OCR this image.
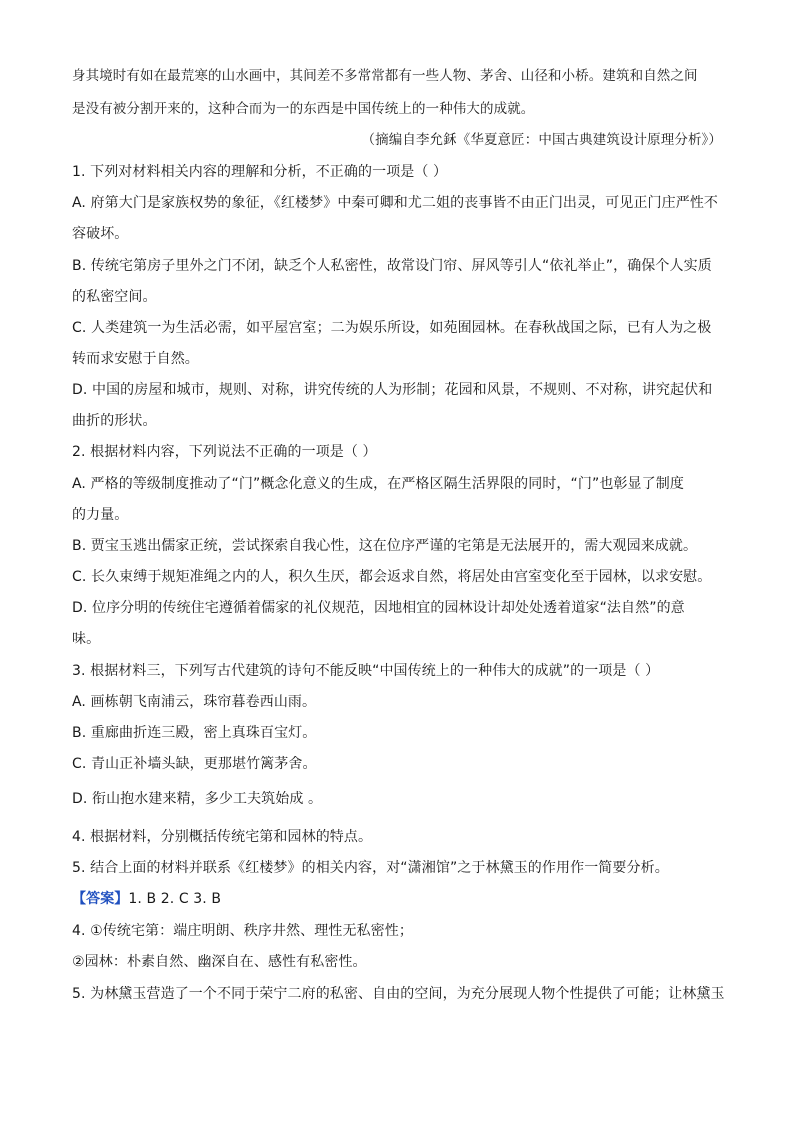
身其境时有如在最荒寒的山水画中，其间差不多常常都有一些人物、茅舍、山径和小桥。建筑和自然之间
是没有被分割开来的，这种合而为一的东西是中国传统上的一种伟大的成就。
（摘编自李允鉌《华夏意匠：中国古典建筑设计原理分析》）
1. 下列对材料相关内容的理解和分析，不正确的一项是（ ）
A. 府第大门是家族权势的象征，《红楼梦》中秦可卿和尤二姐的丧事皆不由正门出灵，可见正门庄严性不
容破坏。
B. 传统宅第房子里外之门不闭，缺乏个人私密性，故常设门帘、屏风等引人“依礼举止”，确保个人实质
的私密空间。
C. 人类建筑一为生活必需，如平屋宫室；二为娱乐所设，如苑囿园林。在春秋战国之际，已有人为之极
转而求安慰于自然。
D. 中国的房屋和城市，规则、对称，讲究传统的人为形制；花园和风景，不规则、不对称，讲究起伏和
曲折的形状。
2. 根据材料内容，下列说法不正确的一项是（ ）
A. 严格的等级制度推动了“门”概念化意义的生成，在严格区隔生活界限的同时，“门”也彰显了制度
的力量。
B. 贾宝玉逃出儒家正统，尝试探索自我心性，这在位序严谨的宅第是无法展开的，需大观园来成就。
C. 长久束缚于规矩准绳之内的人，积久生厌，都会返求自然，将居处由宫室变化至于园林，以求安慰。
D. 位序分明的传统住宅遵循着儒家的礼仪规范，因地相宜的园林设计却处处透着道家“法自然”的意
味。
3. 根据材料三，下列写古代建筑的诗句不能反映“中国传统上的一种伟大的成就”的一项是（ ）
A. 画栋朝飞南浦云，珠帘暮卷西山雨。
B. 重廊曲折连三殿，密上真珠百宝灯。
C. 青山正补墙头缺，更那堪竹篱茅舍。
D. 衔山抱水建来精，多少工夫筑始成 。
4. 根据材料，分别概括传统宅第和园林的特点。
5. 结合上面的材料并联系《红楼梦》的相关内容，对“潇湘馆”之于林黛玉的作用作一简要分析。
【答案】1. B 2. C 3. B
4. ①传统宅第：端庄明朗、秩序井然、理性无私密性；
②园林：朴素自然、幽深自在、感性有私密性。
5. 为林黛玉营造了一个不同于荣宁二府的私密、自由的空间，为充分展现人物个性提供了可能；让林黛玉
